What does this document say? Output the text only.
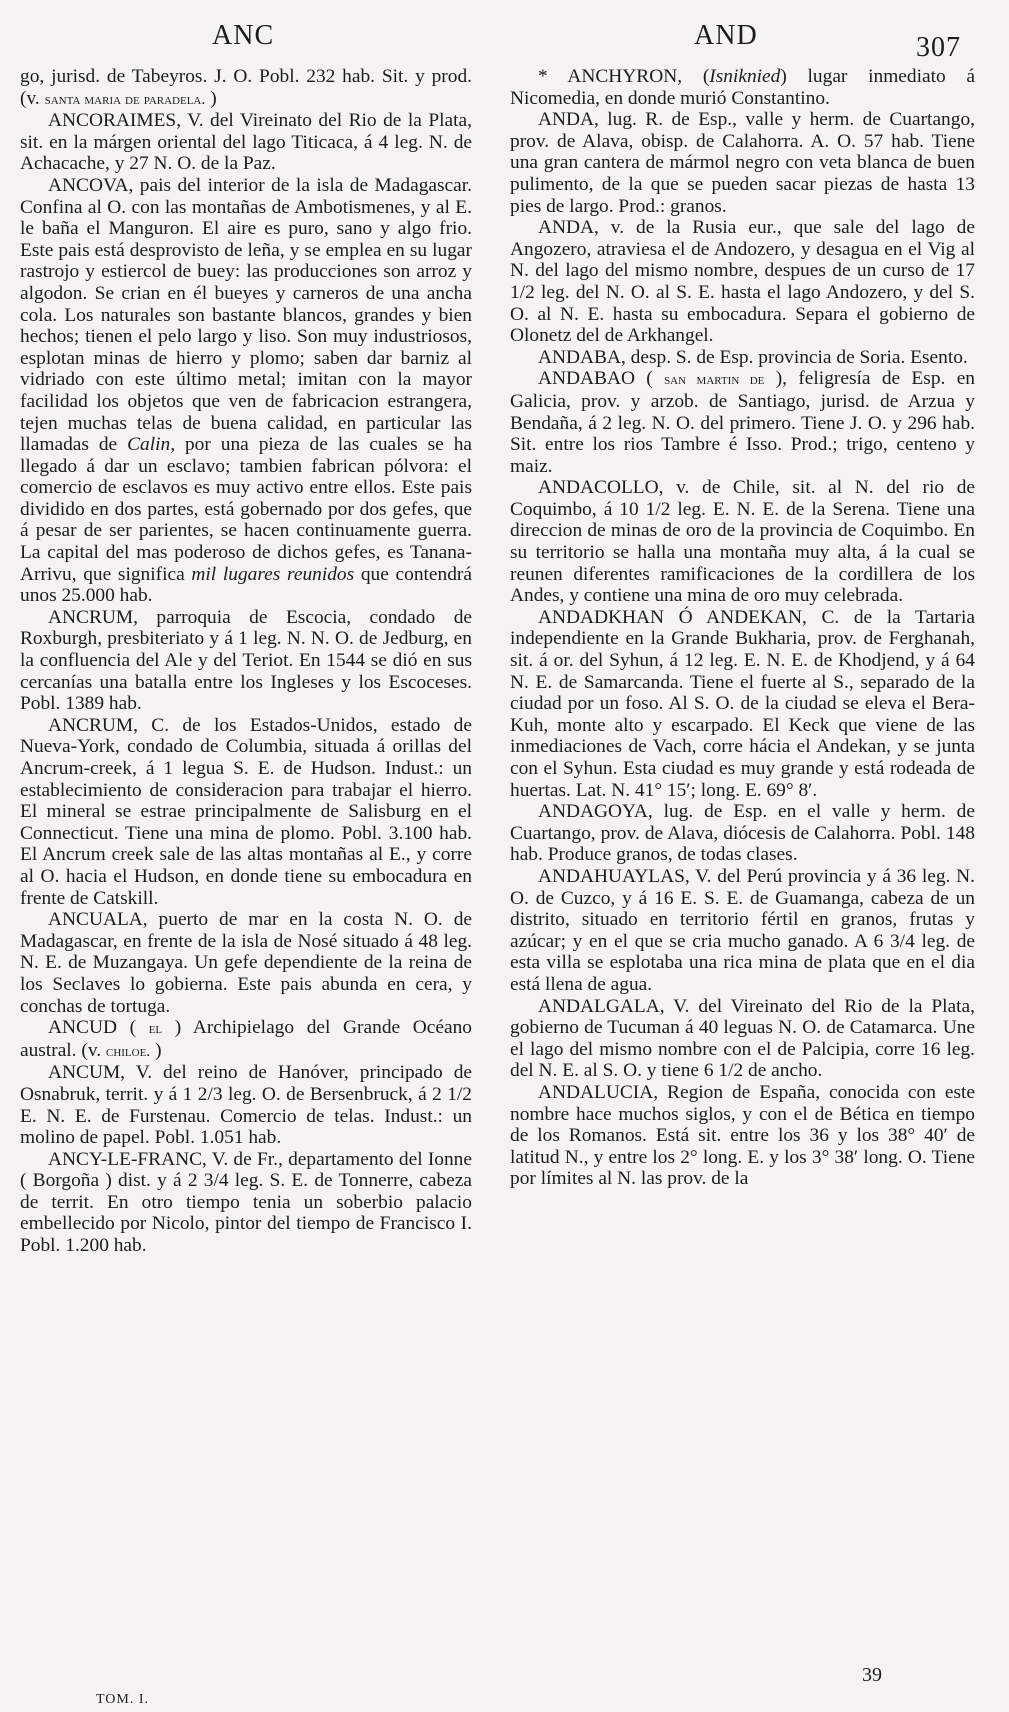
ANC	AND	307

go, jurisd. de Tabeyros. J. O. Pobl. 232 hab. Sit. y prod. (v. santa maria de paradela. )

ANCORAIMES, V. del Vireinato del Rio de la Plata, sit. en la márgen oriental del lago Titicaca, á 4 leg. N. de Achacache, y 27 N. O. de la Paz.

ANCOVA, pais del interior de la isla de Madagascar. Confina al O. con las montañas de Ambotismenes, y al E. le baña el Manguron. El aire es puro, sano y algo frio. Este pais está desprovisto de leña, y se emplea en su lugar rastrojo y estiercol de buey: las producciones son arroz y algodon. Se crian en él bueyes y carneros de una ancha cola. Los naturales son bastante blancos, grandes y bien hechos; tienen el pelo largo y liso. Son muy industriosos, esplotan minas de hierro y plomo; saben dar barniz al vidriado con este último metal; imitan con la mayor facilidad los objetos que ven de fabricacion estrangera, tejen muchas telas de buena calidad, en particular las llamadas de Calin, por una pieza de las cuales se ha llegado á dar un esclavo; tambien fabrican pólvora: el comercio de esclavos es muy activo entre ellos. Este pais dividido en dos partes, está gobernado por dos gefes, que á pesar de ser parientes, se hacen continuamente guerra. La capital del mas poderoso de dichos gefes, es Tanana-Arrivu, que significa mil lugares reunidos que contendrá unos 25.000 hab.

ANCRUM, parroquia de Escocia, condado de Roxburgh, presbiteriato y á 1 leg. N. N. O. de Jedburg, en la confluencia del Ale y del Teriot. En 1544 se dió en sus cercanías una batalla entre los Ingleses y los Escoceses. Pobl. 1389 hab.

ANCRUM, C. de los Estados-Unidos, estado de Nueva-York, condado de Columbia, situada á orillas del Ancrum-creek, á 1 legua S. E. de Hudson. Indust.: un establecimiento de consideracion para trabajar el hierro. El mineral se estrae principalmente de Salisburg en el Connecticut. Tiene una mina de plomo. Pobl. 3.100 hab. El Ancrum creek sale de las altas montañas al E., y corre al O. hacia el Hudson, en donde tiene su embocadura en frente de Catskill.

ANCUALA, puerto de mar en la costa N. O. de Madagascar, en frente de la isla de Nosé situado á 48 leg. N. E. de Muzangaya. Un gefe dependiente de la reina de los Seclaves lo gobierna. Este pais abunda en cera, y conchas de tortuga.

ANCUD ( el ) Archipielago del Grande Océano austral. (v. chiloe. )

ANCUM, V. del reino de Hanóver, principado de Osnabruk, territ. y á 1 2/3 leg. O. de Bersenbruck, á 2 1/2 E. N. E. de Furstenau. Comercio de telas. Indust.: un molino de papel. Pobl. 1.051 hab.

ANCY-LE-FRANC, V. de Fr., departamento del Ionne ( Borgoña ) dist. y á 2 3/4 leg. S. E. de Tonnerre, cabeza de territ. En otro tiempo tenia un soberbio palacio embellecido por Nicolo, pintor del tiempo de Francisco I. Pobl. 1.200 hab.

* ANCHYRON, (Isniknied) lugar inmediato á Nicomedia, en donde murió Constantino.

ANDA, lug. R. de Esp., valle y herm. de Cuartango, prov. de Alava, obisp. de Calahorra. A. O. 57 hab. Tiene una gran cantera de mármol negro con veta blanca de buen pulimento, de la que se pueden sacar piezas de hasta 13 pies de largo. Prod.: granos.

ANDA, v. de la Rusia eur., que sale del lago de Angozero, atraviesa el de Andozero, y desagua en el Vig al N. del lago del mismo nombre, despues de un curso de 17 1/2 leg. del N. O. al S. E. hasta el lago Andozero, y del S. O. al N. E. hasta su embocadura. Separa el gobierno de Olonetz del de Arkhangel.

ANDABA, desp. S. de Esp. provincia de Soria. Esento.

ANDABAO ( san martin de ), feligresía de Esp. en Galicia, prov. y arzob. de Santiago, jurisd. de Arzua y Bendaña, á 2 leg. N. O. del primero. Tiene J. O. y 296 hab. Sit. entre los rios Tambre é Isso. Prod.; trigo, centeno y maiz.

ANDACOLLO, v. de Chile, sit. al N. del rio de Coquimbo, á 10 1/2 leg. E. N. E. de la Serena. Tiene una direccion de minas de oro de la provincia de Coquimbo. En su territorio se halla una montaña muy alta, á la cual se reunen diferentes ramificaciones de la cordillera de los Andes, y contiene una mina de oro muy celebrada.

ANDADKHAN Ó ANDEKAN, C. de la Tartaria independiente en la Grande Bukharia, prov. de Ferghanah, sit. á or. del Syhun, á 12 leg. E. N. E. de Khodjend, y á 64 N. E. de Samarcanda. Tiene el fuerte al S., separado de la ciudad por un foso. Al S. O. de la ciudad se eleva el Bera-Kuh, monte alto y escarpado. El Keck que viene de las inmediaciones de Vach, corre hácia el Andekan, y se junta con el Syhun. Esta ciudad es muy grande y está rodeada de huertas. Lat. N. 41° 15′; long. E. 69° 8′.

ANDAGOYA, lug. de Esp. en el valle y herm. de Cuartango, prov. de Alava, diócesis de Calahorra. Pobl. 148 hab. Produce granos, de todas clases.

ANDAHUAYLAS, V. del Perú provincia y á 36 leg. N. O. de Cuzco, y á 16 E. S. E. de Guamanga, cabeza de un distrito, situado en territorio fértil en granos, frutas y azúcar; y en el que se cria mucho ganado. A 6 3/4 leg. de esta villa se esplotaba una rica mina de plata que en el dia está llena de agua.

ANDALGALA, V. del Vireinato del Rio de la Plata, gobierno de Tucuman á 40 leguas N. O. de Catamarca. Une el lago del mismo nombre con el de Palcipia, corre 16 leg. del N. E. al S. O. y tiene 6 1/2 de ancho.

ANDALUCIA, Region de España, conocida con este nombre hace muchos siglos, y con el de Bética en tiempo de los Romanos. Está sit. entre los 36 y los 38° 40′ de latitud N., y entre los 2° long. E. y los 3° 38′ long. O. Tiene por límites al N. las prov. de la

TOM. I.
39
